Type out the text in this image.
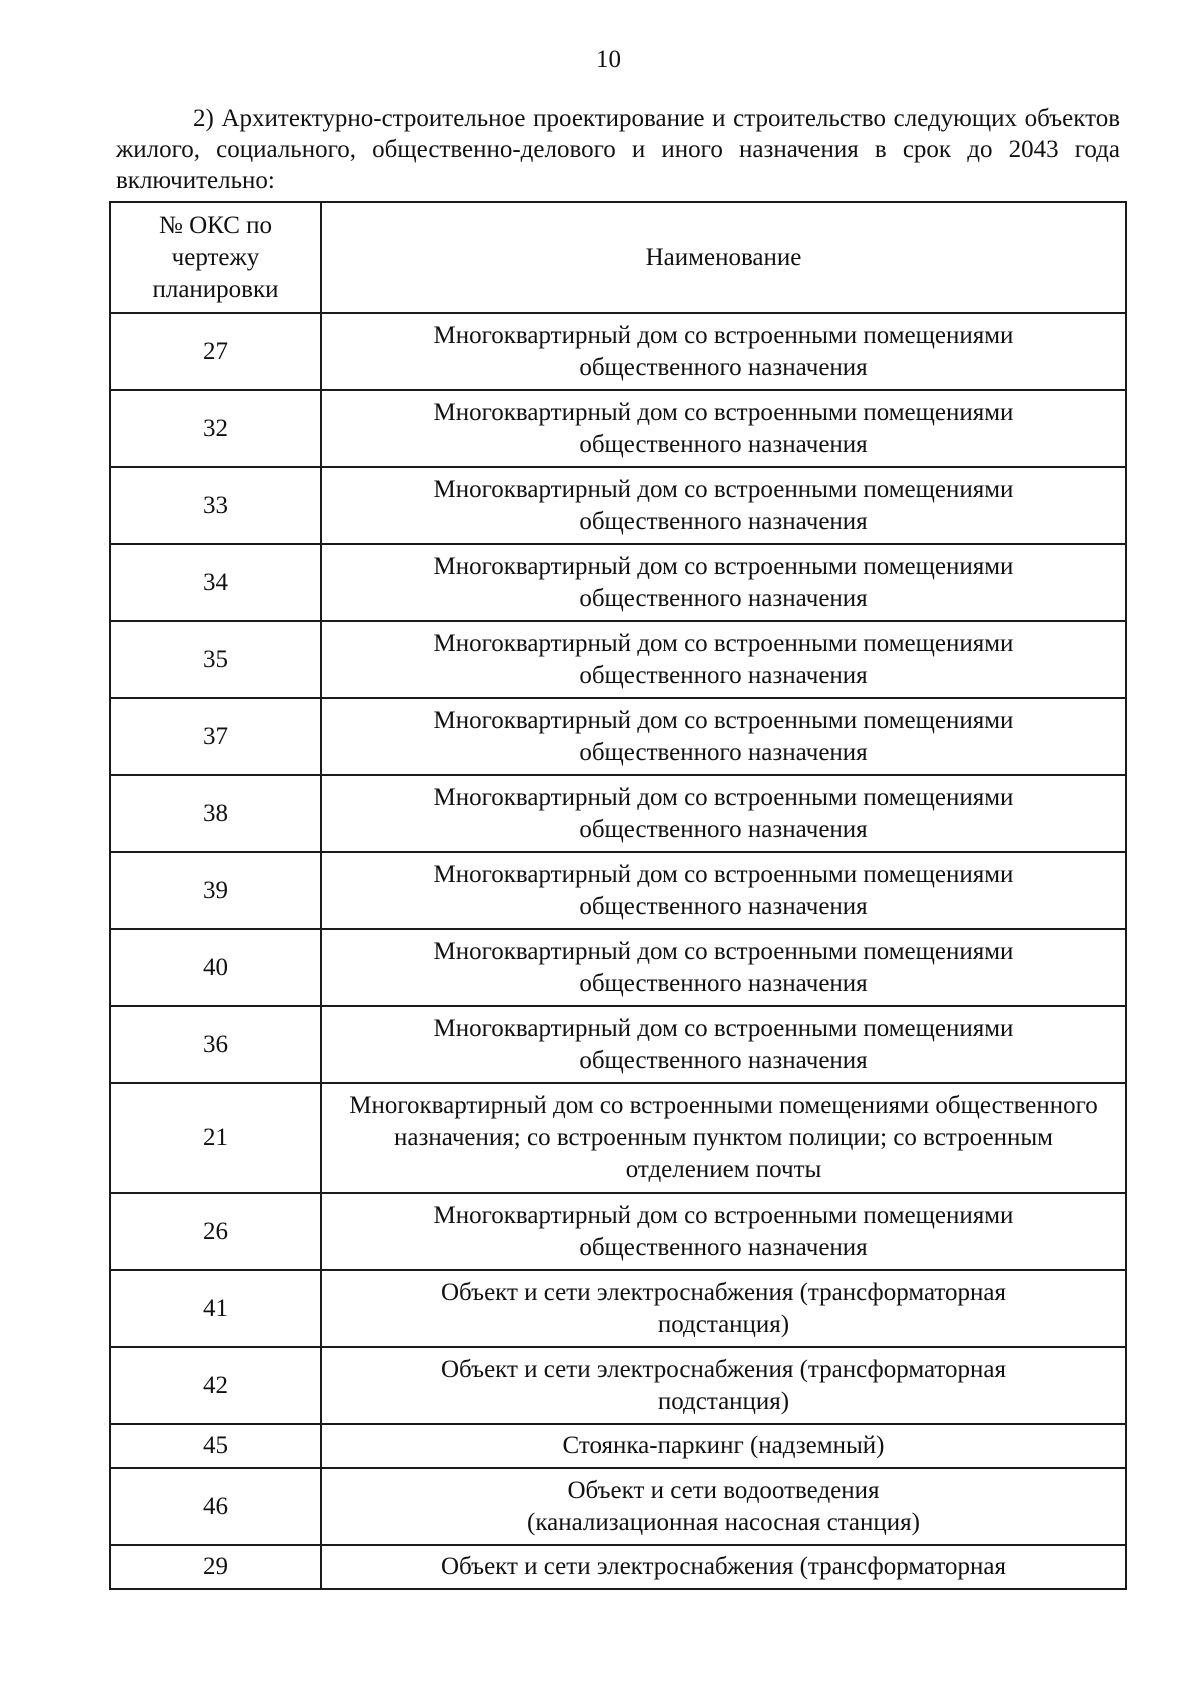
10

2) Архитектурно-строительное проектирование и строительство следующих объектов жилого, социального, общественно-делового и иного назначения в срок до 2043 года включительно:

№ ОКС по чертежу планировки	Наименование
27	Многоквартирный дом со встроенными помещениями общественного назначения
32	Многоквартирный дом со встроенными помещениями общественного назначения
33	Многоквартирный дом со встроенными помещениями общественного назначения
34	Многоквартирный дом со встроенными помещениями общественного назначения
35	Многоквартирный дом со встроенными помещениями общественного назначения
37	Многоквартирный дом со встроенными помещениями общественного назначения
38	Многоквартирный дом со встроенными помещениями общественного назначения
39	Многоквартирный дом со встроенными помещениями общественного назначения
40	Многоквартирный дом со встроенными помещениями общественного назначения
36	Многоквартирный дом со встроенными помещениями общественного назначения
21	Многоквартирный дом со встроенными помещениями общественного назначения; со встроенным пунктом полиции; со встроенным отделением почты
26	Многоквартирный дом со встроенными помещениями общественного назначения
41	Объект и сети электроснабжения (трансформаторная подстанция)
42	Объект и сети электроснабжения (трансформаторная подстанция)
45	Стоянка-паркинг (надземный)
46	Объект и сети водоотведения (канализационная насосная станция)
29	Объект и сети электроснабжения (трансформаторная
